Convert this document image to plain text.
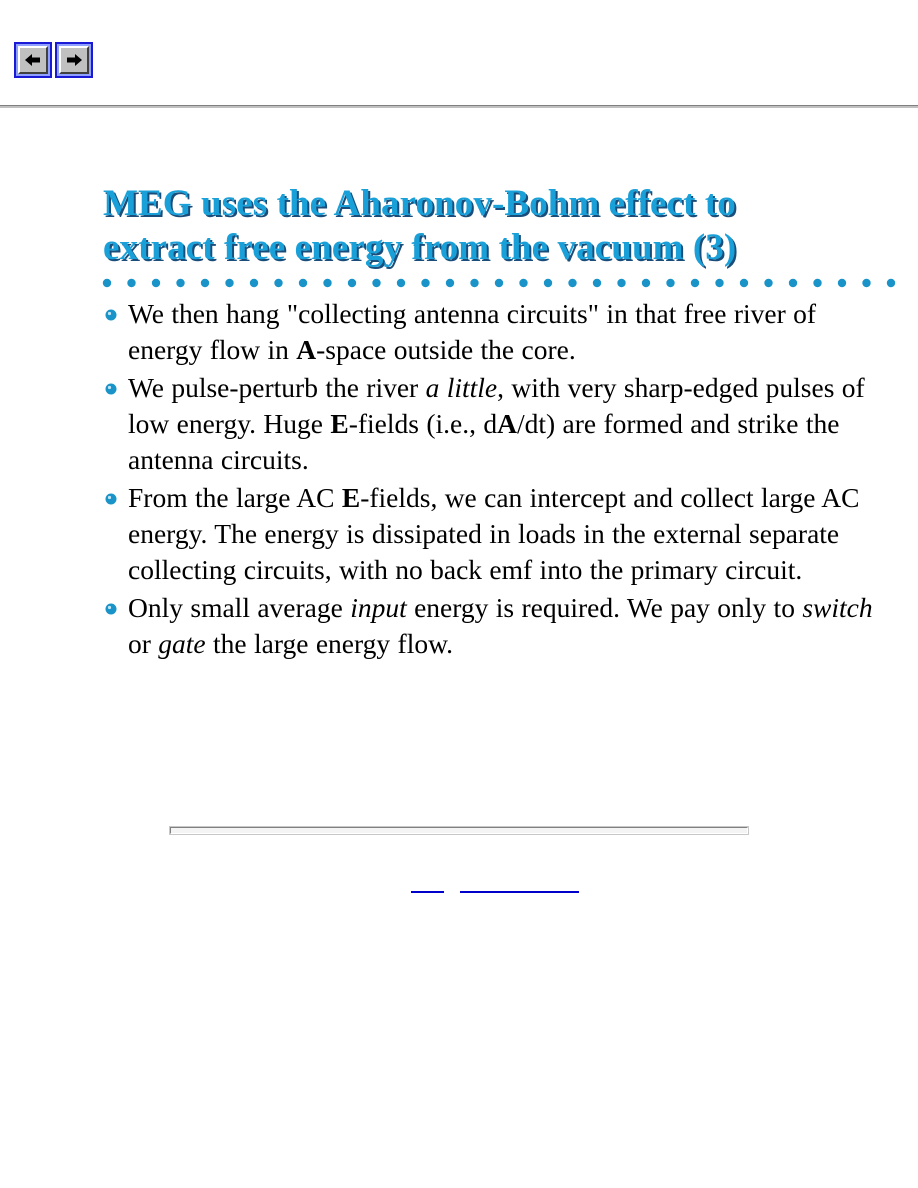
MEG uses the Aharonov-Bohm effect to
extract free energy from the vacuum (3)
We then hang "collecting antenna circuits" in that free river of energy flow in A-space outside the core.
We pulse-perturb the river a little, with very sharp-edged pulses of low energy. Huge E-fields (i.e., dA/dt) are formed and strike the antenna circuits.
From the large AC E-fields, we can intercept and collect large AC energy. The energy is dissipated in loads in the external separate collecting circuits, with no back emf into the primary circuit.
Only small average input energy is required. We pay only to switch or gate the large energy flow.
